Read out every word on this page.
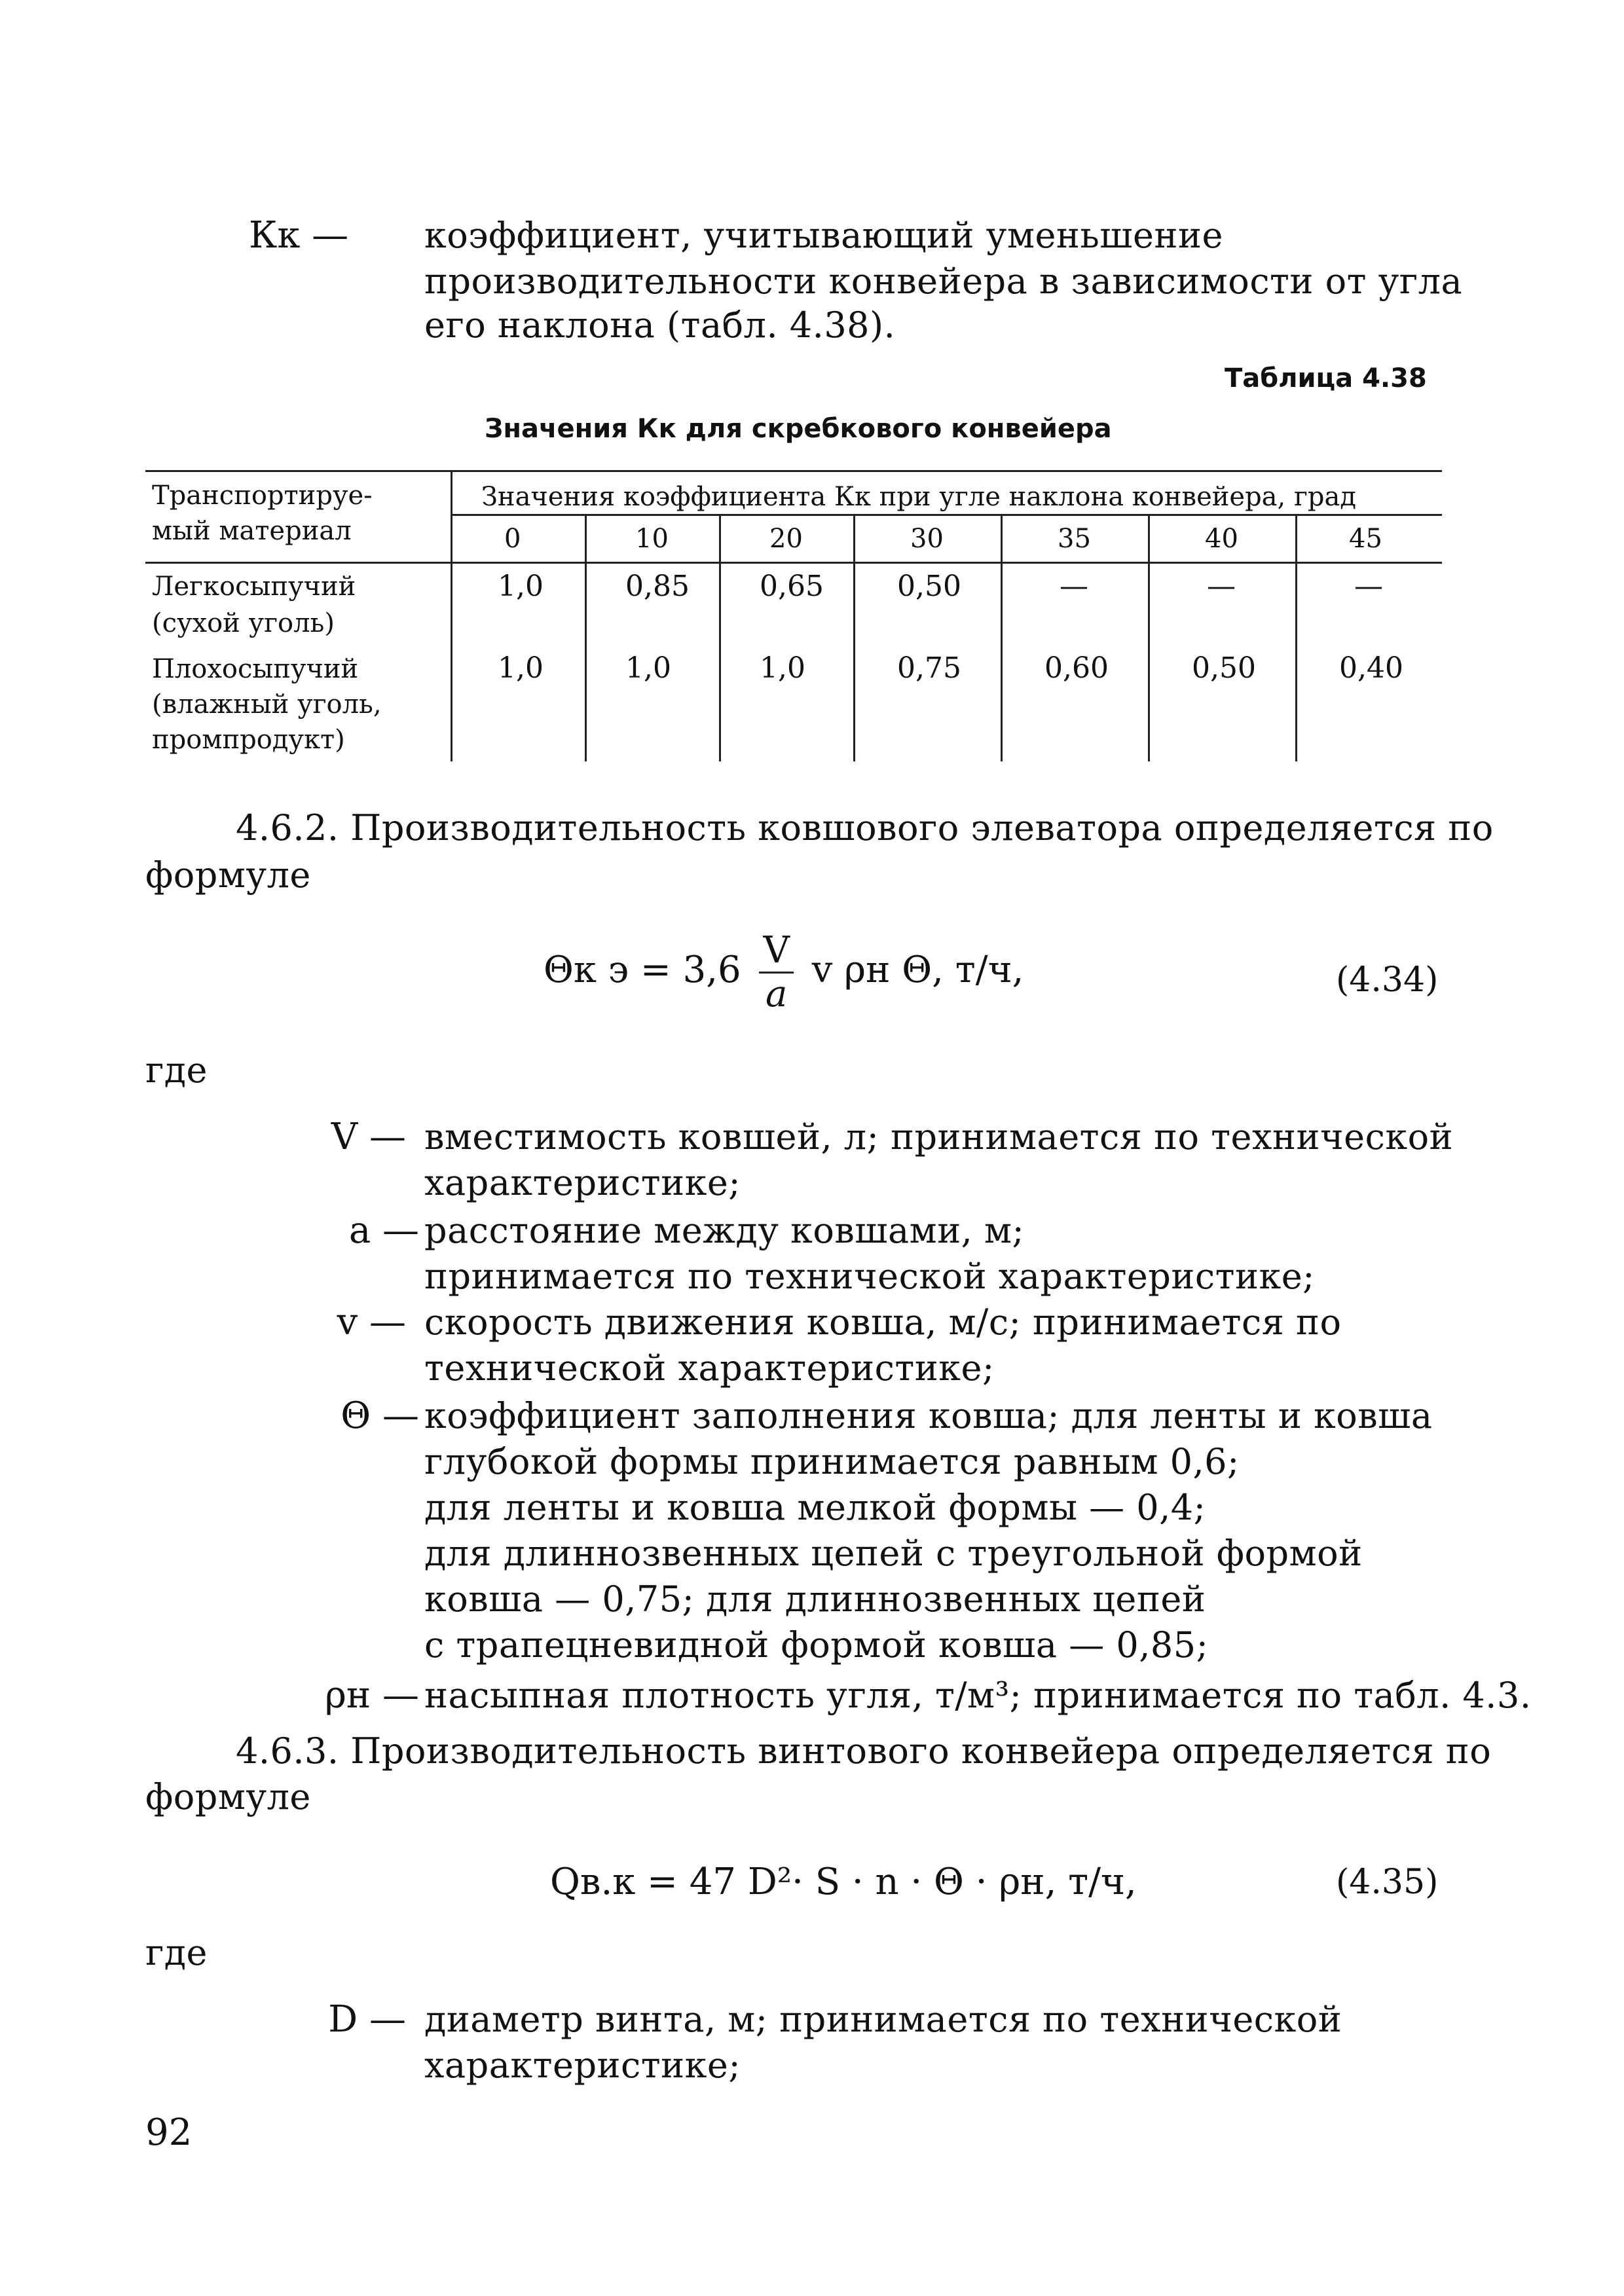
Кк —	коэффициент, учитывающий уменьшение
производительности конвейера в зависимости от угла
его наклона (табл. 4.38).
Таблица 4.38
Значения Кк для скребкового конвейера
Транспортируе-
мый материал
Значения коэффициента Кк при угле наклона конвейера, град
0	10	20	30	35	40	45
Легкосыпучий
(сухой уголь)
1,0	0,85 0,65	0,50	—	—	—
Плохосыпучий
(влажный уголь,
промпродукт)
1,0	1,0	1,0	0,75	0,60	0,50	0,40
4.6.2. Производительность ковшового элеватора определяется по
формуле
Θк $э = 3,6 \frac{V}{a}$ v ρн Θ, т/ч,	(4.34)
где
V — вместимость ковшей, л; принимается по технической
характеристике;
a — расстояние между ковшами, м;
принимается по технической характеристике;
v — скорость движения ковша, м/с; принимается по
технической характеристике;
Θ — коэффициент заполнения ковша; для ленты и ковша
глубокой формы принимается равным 0,6;
для ленты и ковша мелкой формы — 0,4;
для длиннозвенных цепей с треугольной формой
ковша — 0,75; для длиннозвенных цепей
с трапецневидной формой ковша — 0,85;
ρн — насыпная плотность угля, т/м³; принимается по табл. 4.3.
4.6.3. Производительность винтового конвейера определяется по
формуле
Qв.к = 47 D²· S · n · Θ · ρн, т/ч,	(4.35)
где
D — диаметр винта, м; принимается по технической
характеристике;
92
